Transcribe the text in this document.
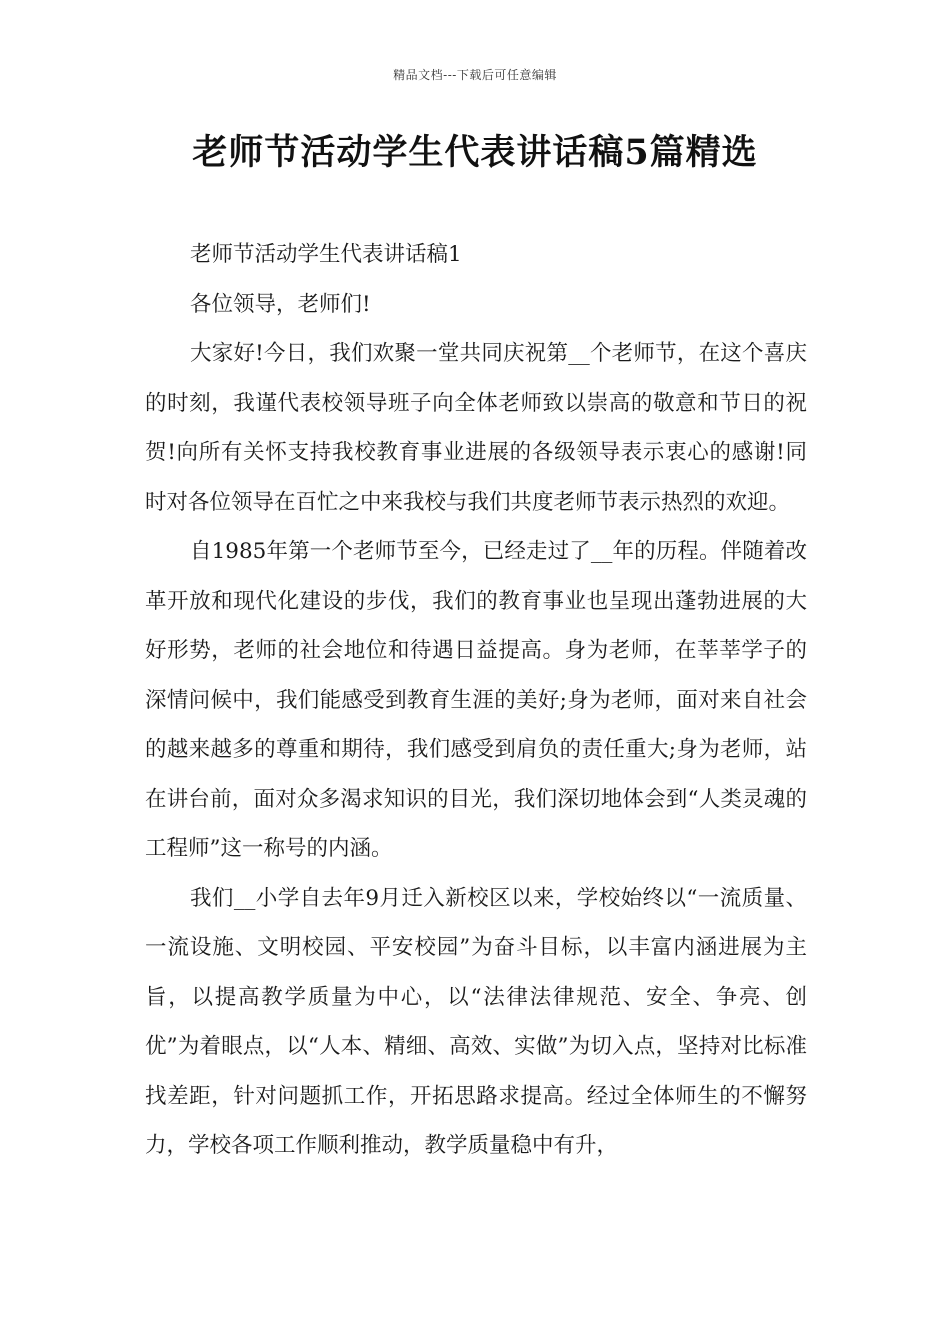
精品文档---下载后可任意编辑
老师节活动学生代表讲话稿5篇精选

老师节活动学生代表讲话稿1

各位领导，老师们!

大家好!今日，我们欢聚一堂共同庆祝第__个老师节，在这个喜庆的时刻，我谨代表校领导班子向全体老师致以崇高的敬意和节日的祝贺!向所有关怀支持我校教育事业进展的各级领导表示衷心的感谢!同时对各位领导在百忙之中来我校与我们共度老师节表示热烈的欢迎。

自1985年第一个老师节至今，已经走过了__年的历程。伴随着改革开放和现代化建设的步伐，我们的教育事业也呈现出蓬勃进展的大好形势，老师的社会地位和待遇日益提高。身为老师，在莘莘学子的深情问候中，我们能感受到教育生涯的美好;身为老师，面对来自社会的越来越多的尊重和期待，我们感受到肩负的责任重大;身为老师，站在讲台前，面对众多渴求知识的目光，我们深切地体会到“人类灵魂的工程师”这一称号的内涵。

我们__小学自去年9月迁入新校区以来，学校始终以“一流质量、一流设施、文明校园、平安校园”为奋斗目标，以丰富内涵进展为主旨，以提高教学质量为中心，以“法律法律规范、安全、争亮、创优”为着眼点，以“人本、精细、高效、实做”为切入点，坚持对比标准找差距，针对问题抓工作，开拓思路求提高。经过全体师生的不懈努力，学校各项工作顺利推动，教学质量稳中有升，
